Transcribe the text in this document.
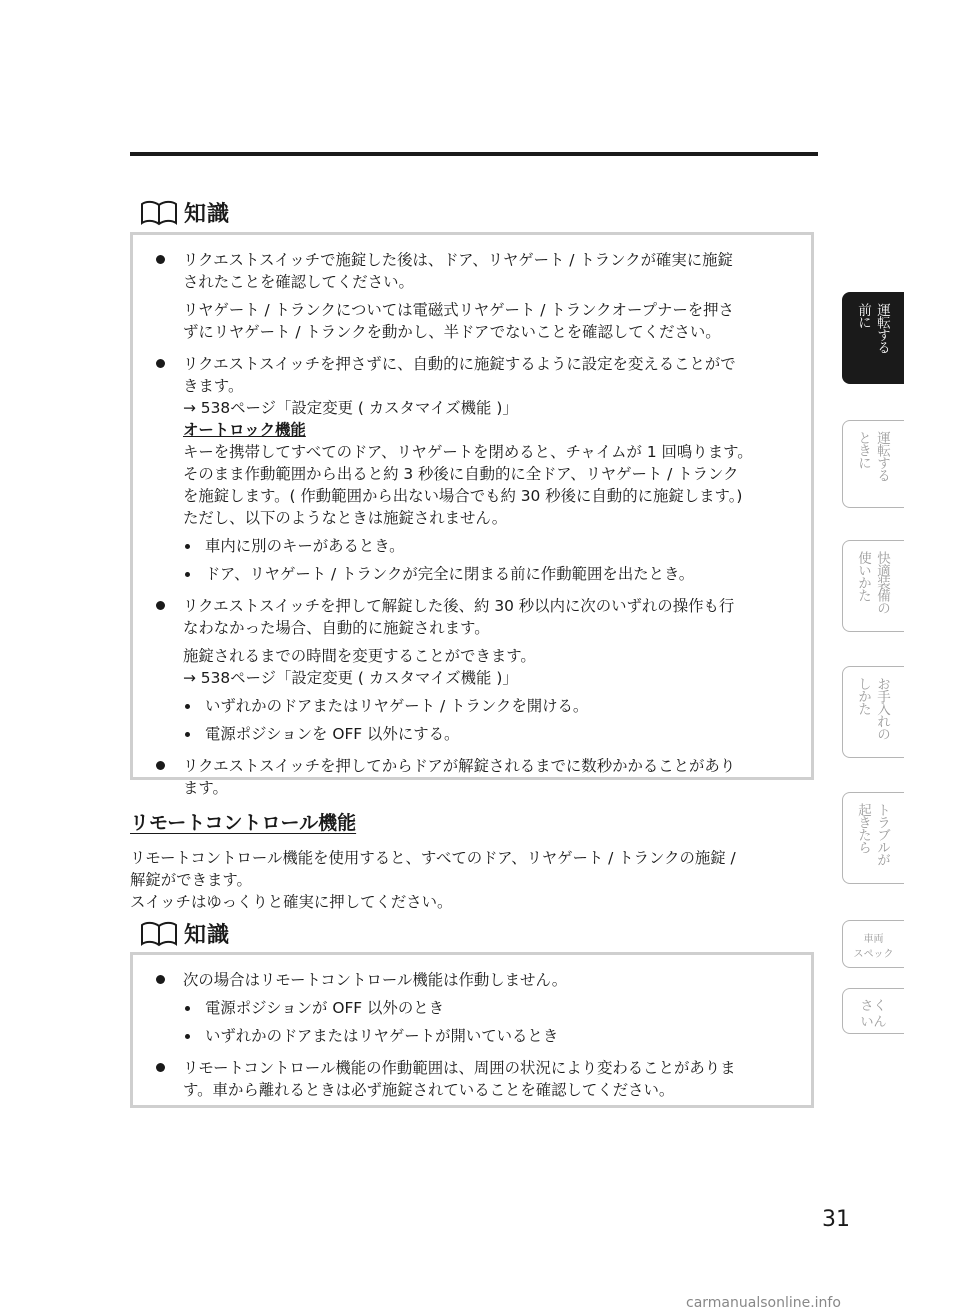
知識

リクエストスイッチで施錠した後は、ドア、リヤゲート / トランクが確実に施錠
されたことを確認してください。

リヤゲート / トランクについては電磁式リヤゲート / トランクオープナーを押さ
ずにリヤゲート / トランクを動かし、半ドアでないことを確認してください。

リクエストスイッチを押さずに、自動的に施錠するように設定を変えることがで
きます。

→ 538ページ「設定変更 ( カスタマイズ機能 )」

オートロック機能

キーを携帯してすべてのドア、リヤゲートを閉めると、チャイムが 1 回鳴ります。
そのまま作動範囲から出ると約 3 秒後に自動的に全ドア、リヤゲート / トランク
を施錠します。( 作動範囲から出ない場合でも約 30 秒後に自動的に施錠します。)
ただし、以下のようなときは施錠されません。

車内に別のキーがあるとき。
ドア、リヤゲート / トランクが完全に閉まる前に作動範囲を出たとき。

リクエストスイッチを押して解錠した後、約 30 秒以内に次のいずれの操作も行
なわなかった場合、自動的に施錠されます。

施錠されるまでの時間を変更することができます。
→ 538ページ「設定変更 ( カスタマイズ機能 )」

いずれかのドアまたはリヤゲート / トランクを開ける。
電源ポジションを OFF 以外にする。

リクエストスイッチを押してからドアが解錠されるまでに数秒かかることがあり
ます。

リモートコントロール機能

リモートコントロール機能を使用すると、すべてのドア、リヤゲート / トランクの施錠 /
解錠ができます。
スイッチはゆっくりと確実に押してください。

知識

次の場合はリモートコントロール機能は作動しません。

電源ポジションが OFF 以外のとき
いずれかのドアまたはリヤゲートが開いているとき

リモートコントロール機能の作動範囲は、周囲の状況により変わることがありま
す。車から離れるときは必ず施錠されていることを確認してください。

運転する
前に
運転する
ときに
快適装備の
使いかた
お手入れの
しかた
トラブルが
起きたら
車両
スペック
さく
いん
31
carmanualsonline.info
